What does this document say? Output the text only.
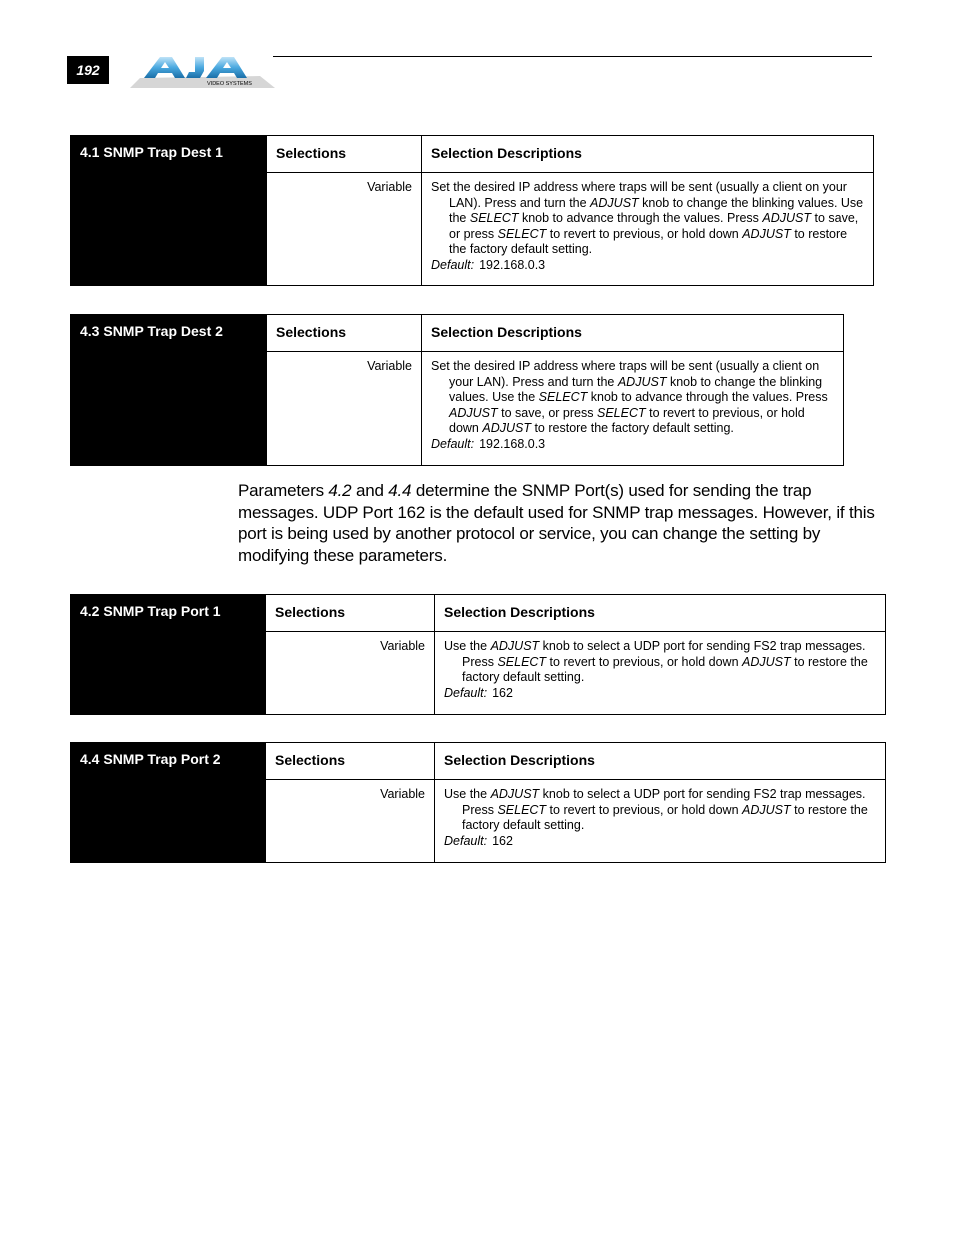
192
VIDEO SYSTEMS
4.1 SNMP Trap Dest 1	Selections	Selection Descriptions
	Variable	Set the desired IP address where traps will be sent (usually a client on your LAN). Press and turn the ADJUST knob to change the blinking values. Use the SELECT knob to advance through the values. Press ADJUST to save, or press SELECT to revert to previous, or hold down ADJUST to restore the factory default setting.
Default: 192.168.0.3
4.3 SNMP Trap Dest 2	Selections	Selection Descriptions
	Variable	Set the desired IP address where traps will be sent (usually a client on your LAN). Press and turn the ADJUST knob to change the blinking values. Use the SELECT knob to advance through the values. Press ADJUST to save, or press SELECT to revert to previous, or hold down ADJUST to restore the factory default setting.
Default: 192.168.0.3
Parameters 4.2 and 4.4 determine the SNMP Port(s) used for sending the trap messages. UDP Port 162 is the default used for SNMP trap messages. However, if this port is being used by another protocol or service, you can change the setting by modifying these parameters.
4.2 SNMP Trap Port 1	Selections	Selection Descriptions
	Variable	Use the ADJUST knob to select a UDP port for sending FS2 trap messages. Press SELECT to revert to previous, or hold down ADJUST to restore the factory default setting.
Default: 162
4.4 SNMP Trap Port 2	Selections	Selection Descriptions
	Variable	Use the ADJUST knob to select a UDP port for sending FS2 trap messages. Press SELECT to revert to previous, or hold down ADJUST to restore the factory default setting.
Default: 162
